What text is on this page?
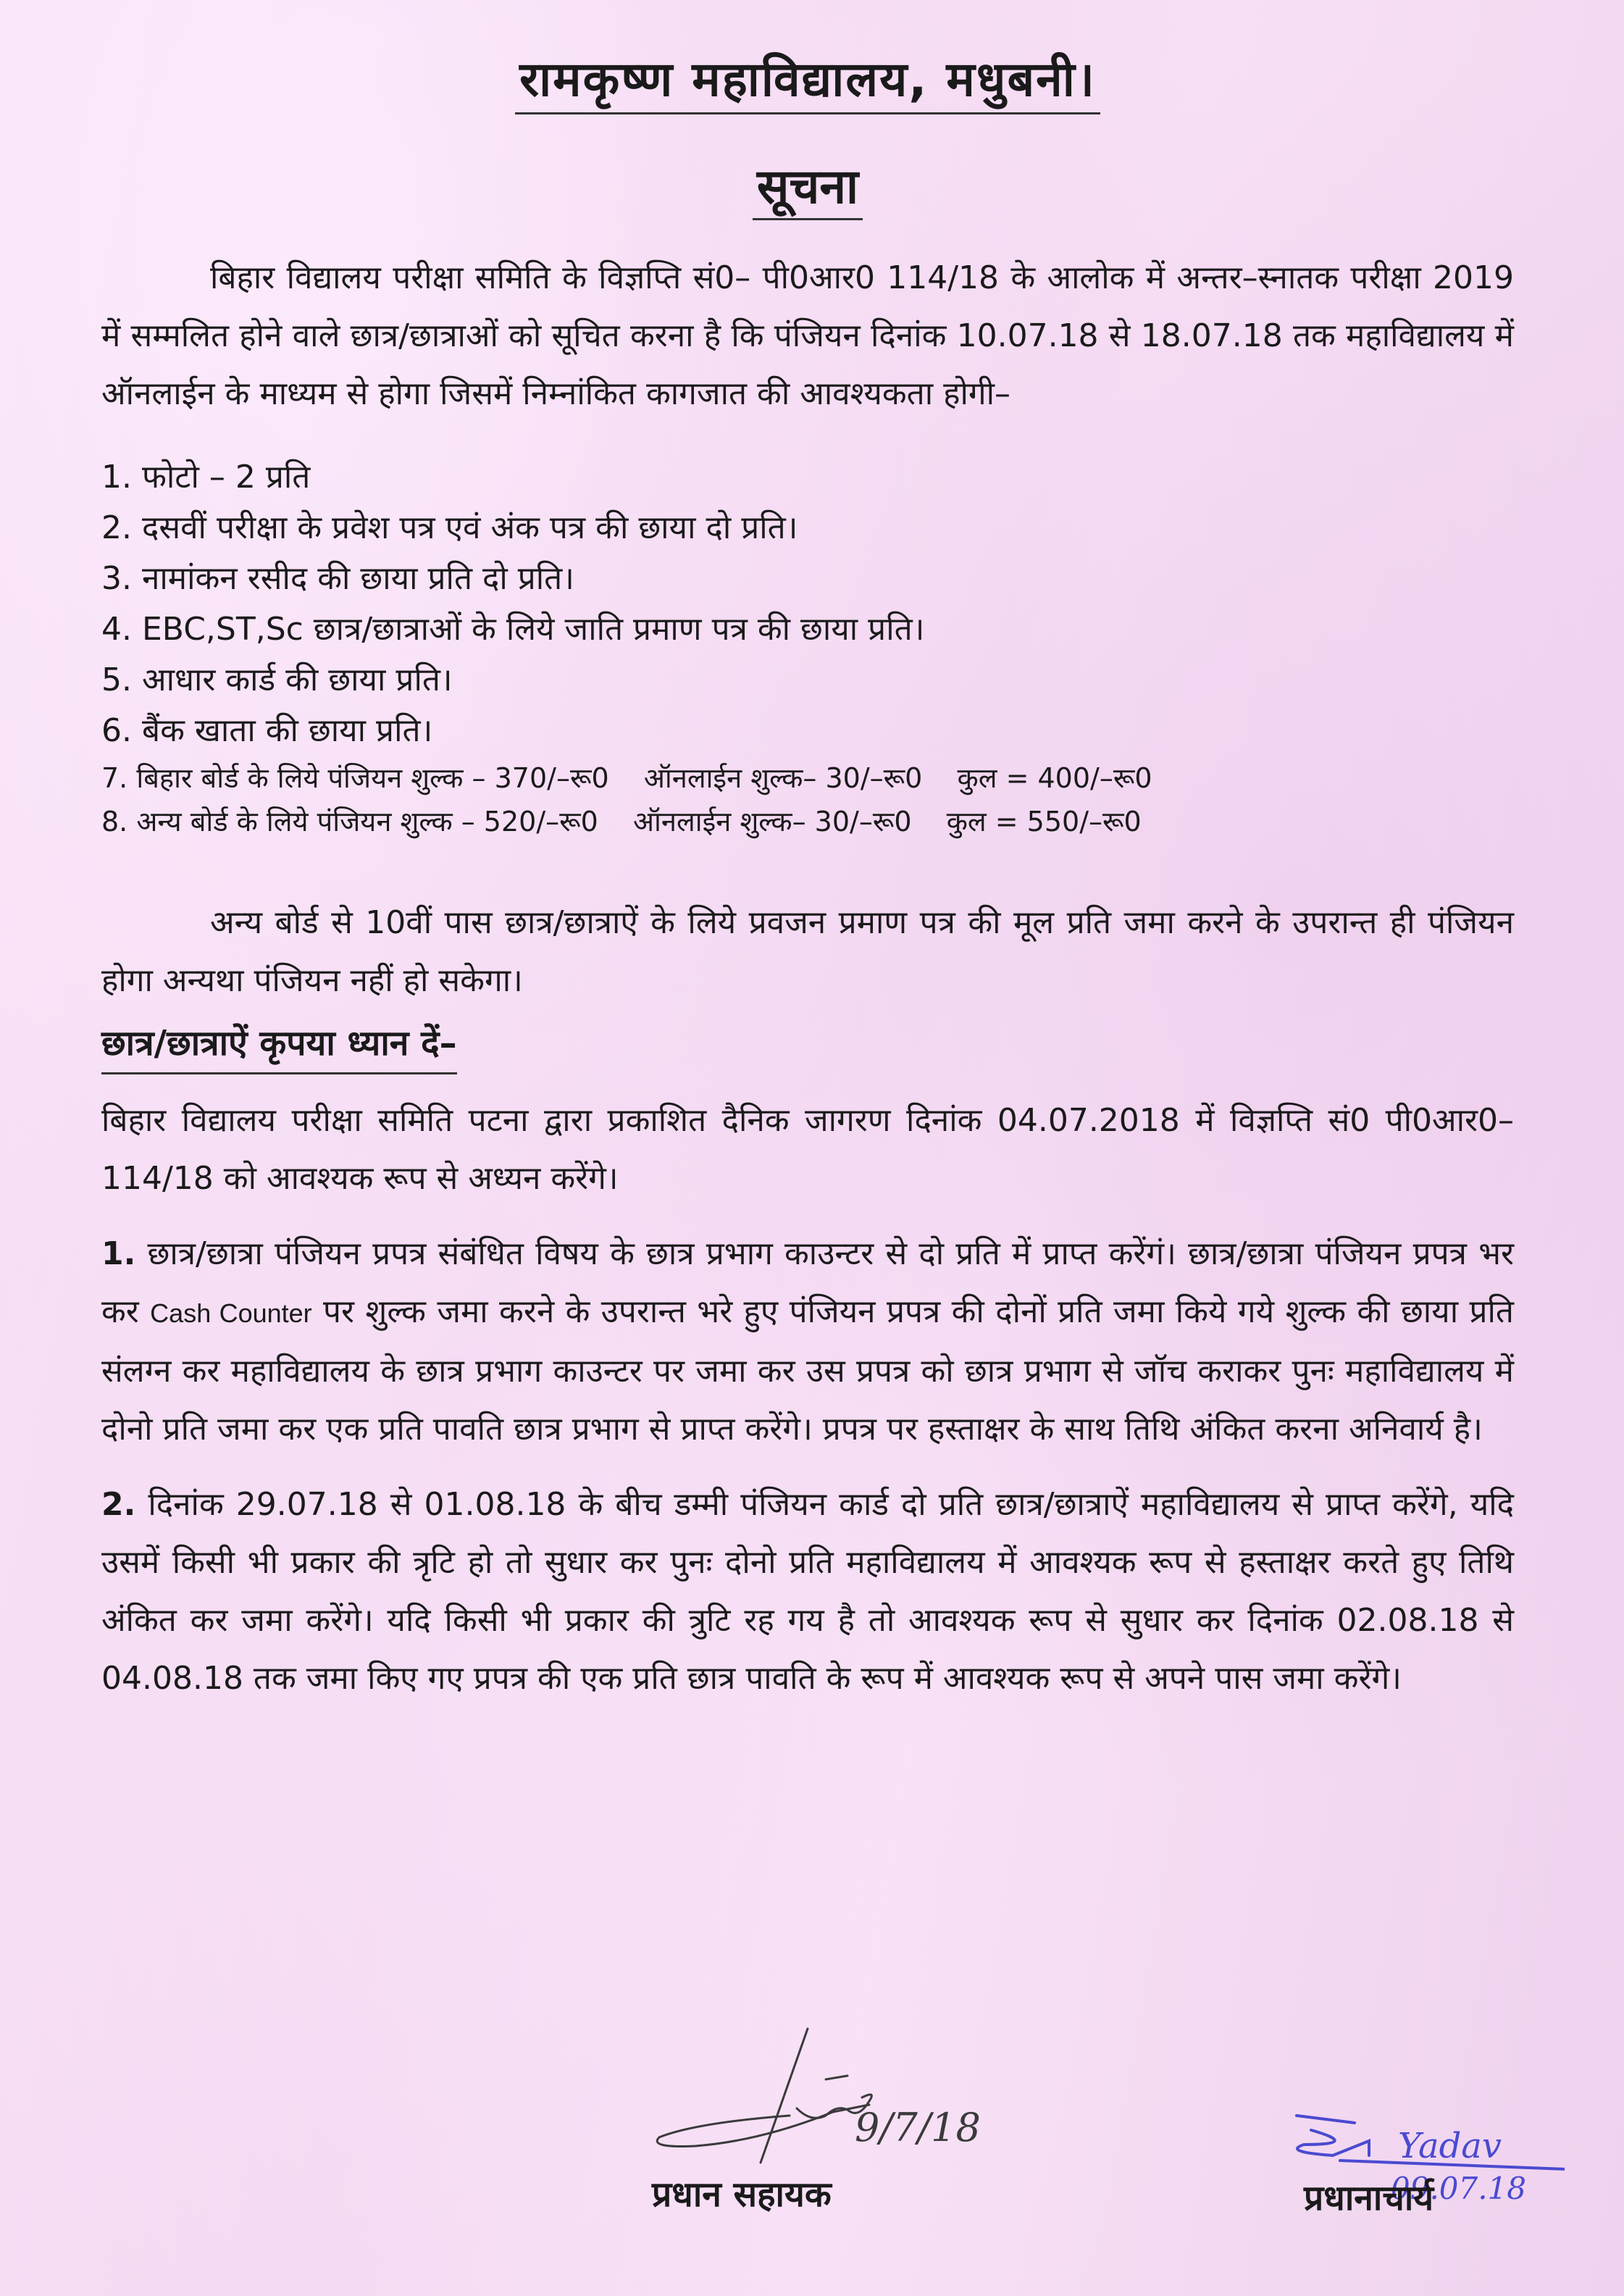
रामकृष्ण महाविद्यालय, मधुबनी।
सूचना

बिहार विद्यालय परीक्षा समिति के विज्ञप्ति सं0– पी0आर0 114/18 के आलोक में अन्तर–स्नातक परीक्षा 2019 में सम्मलित होने वाले छात्र/छात्राओं को सूचित करना है कि पंजियन दिनांक 10.07.18 से 18.07.18 तक महाविद्यालय में ऑनलाईन के माध्यम से होगा जिसमें निम्नांकित कागजात की आवश्यकता होगी–

1. फोटो – 2 प्रति
2. दसवीं परीक्षा के प्रवेश पत्र एवं अंक पत्र की छाया दो प्रति।
3. नामांकन रसीद की छाया प्रति दो प्रति।
4. EBC,ST,Sc छात्र/छात्राओं के लिये जाति प्रमाण पत्र की छाया प्रति।
5. आधार कार्ड की छाया प्रति।
6. बैंक खाता की छाया प्रति।
7. बिहार बोर्ड के लिये पंजियन शुल्क – 370/–रू0 ऑनलाईन शुल्क– 30/–रू0 कुल = 400/–रू0
8. अन्य बोर्ड के लिये पंजियन शुल्क – 520/–रू0 ऑनलाईन शुल्क– 30/–रू0 कुल = 550/–रू0

अन्य बोर्ड से 10वीं पास छात्र/छात्राऐं के लिये प्रवजन प्रमाण पत्र की मूल प्रति जमा करने के उपरान्त ही पंजियन होगा अन्यथा पंजियन नहीं हो सकेगा।

छात्र/छात्राऐं कृपया ध्यान दें–

बिहार विद्यालय परीक्षा समिति पटना द्वारा प्रकाशित दैनिक जागरण दिनांक 04.07.2018 में विज्ञप्ति सं0 पी0आर0–114/18 को आवश्यक रूप से अध्यन करेंगे।

1. छात्र/छात्रा पंजियन प्रपत्र संबंधित विषय के छात्र प्रभाग काउन्टर से दो प्रति में प्राप्त करेंगं। छात्र/छात्रा पंजियन प्रपत्र भर कर Cash Counter पर शुल्क जमा करने के उपरान्त भरे हुए पंजियन प्रपत्र की दोनों प्रति जमा किये गये शुल्क की छाया प्रति संलग्न कर महाविद्यालय के छात्र प्रभाग काउन्टर पर जमा कर उस प्रपत्र को छात्र प्रभाग से जॉच कराकर पुनः महाविद्यालय में दोनो प्रति जमा कर एक प्रति पावति छात्र प्रभाग से प्राप्त करेंगे। प्रपत्र पर हस्ताक्षर के साथ तिथि अंकित करना अनिवार्य है।

2. दिनांक 29.07.18 से 01.08.18 के बीच डम्मी पंजियन कार्ड दो प्रति छात्र/छात्राऐं महाविद्यालय से प्राप्त करेंगे, यदि उसमें किसी भी प्रकार की त्रृटि हो तो सुधार कर पुनः दोनो प्रति महाविद्यालय में आवश्यक रूप से हस्ताक्षर करते हुए तिथि अंकित कर जमा करेंगे। यदि किसी भी प्रकार की त्रुटि रह गय है तो आवश्यक रूप से सुधार कर दिनांक 02.08.18 से 04.08.18 तक जमा किए गए प्रपत्र की एक प्रति छात्र पावति के रूप में आवश्यक रूप से अपने पास जमा करेंगे।

9/7/18
प्रधान सहायक
Yadav
09.07.18
प्रधानाचार्य
